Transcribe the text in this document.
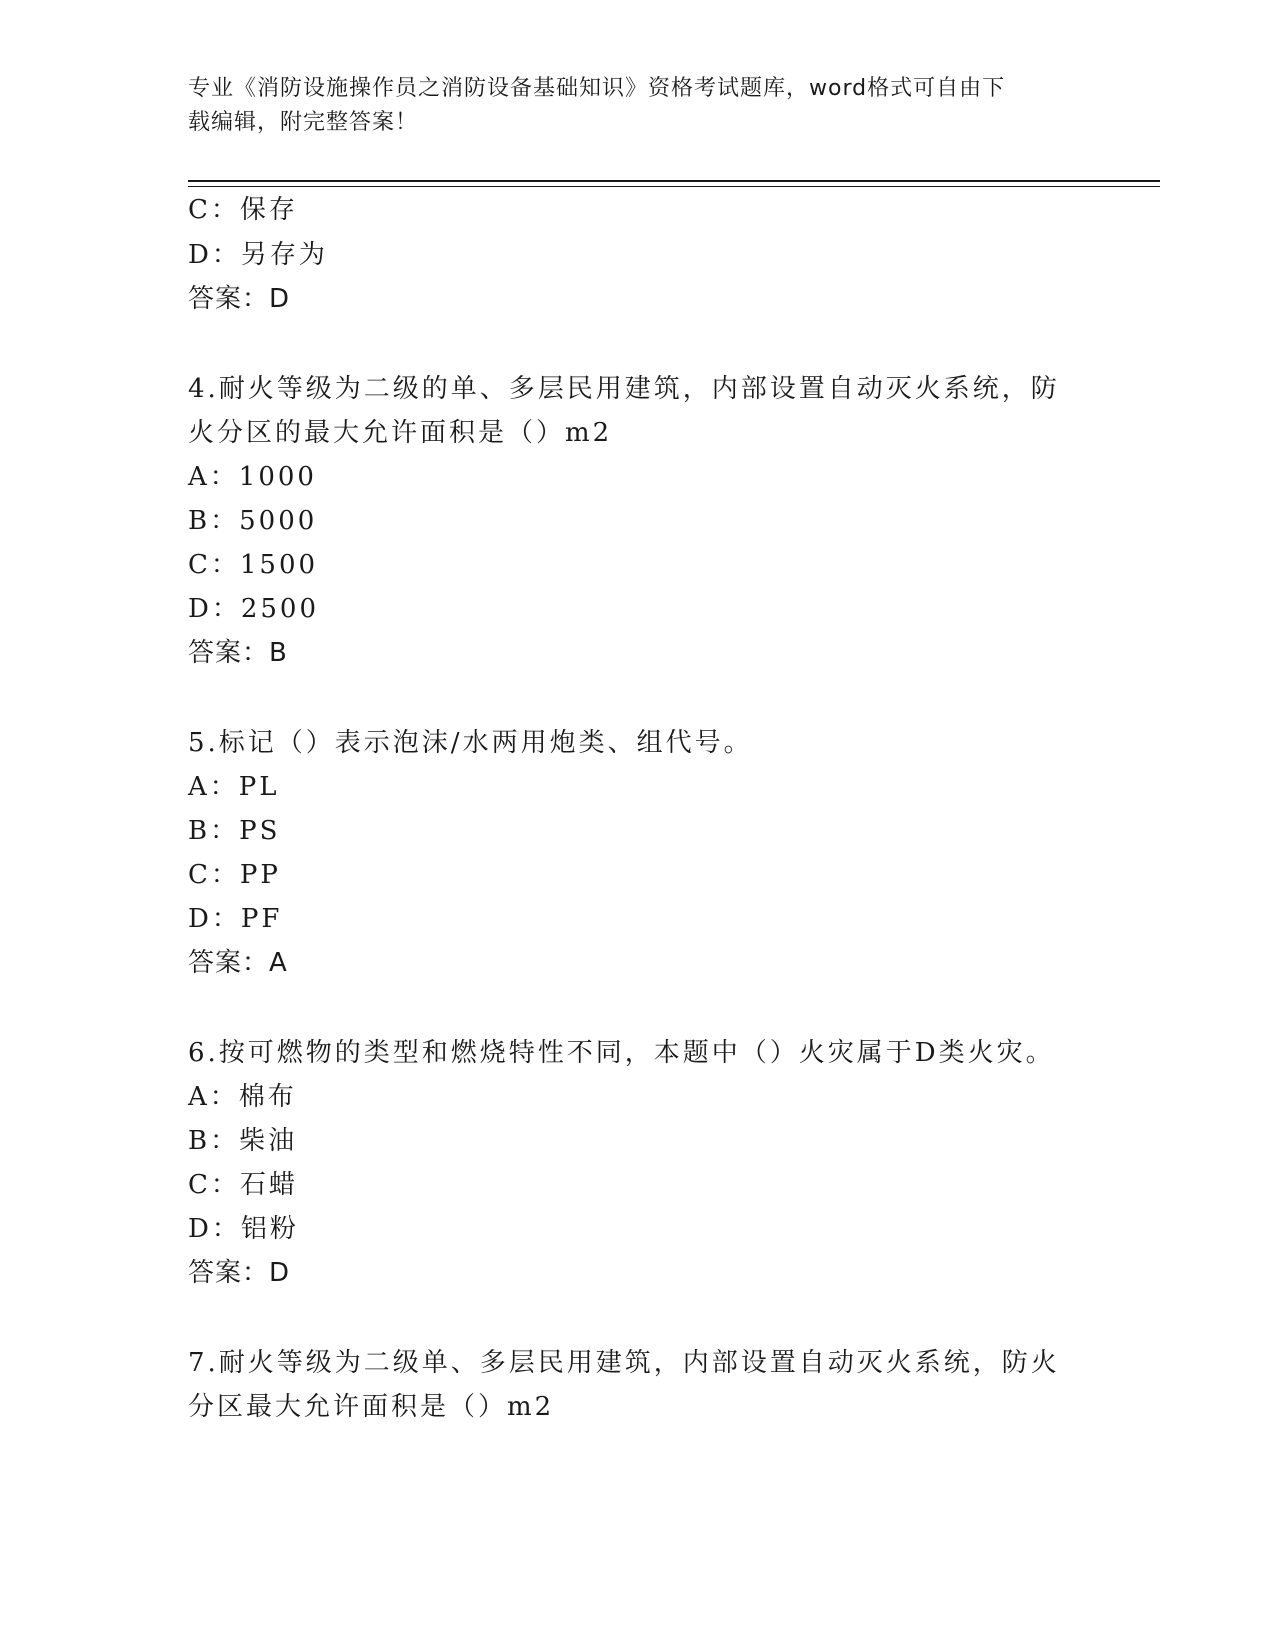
专业《消防设施操作员之消防设备基础知识》资格考试题库，word格式可自由下
载编辑，附完整答案！
C：保存
D：另存为
答案：D
4.耐火等级为二级的单、多层民用建筑，内部设置自动灭火系统，防
火分区的最大允许面积是（）m2
A：1000
B：5000
C：1500
D：2500
答案：B
5.标记（）表示泡沫/水两用炮类、组代号。
A：PL
B：PS
C：PP
D：PF
答案：A
6.按可燃物的类型和燃烧特性不同，本题中（）火灾属于D类火灾。
A：棉布
B：柴油
C：石蜡
D：铝粉
答案：D
7.耐火等级为二级单、多层民用建筑，内部设置自动灭火系统，防火
分区最大允许面积是（）m2
